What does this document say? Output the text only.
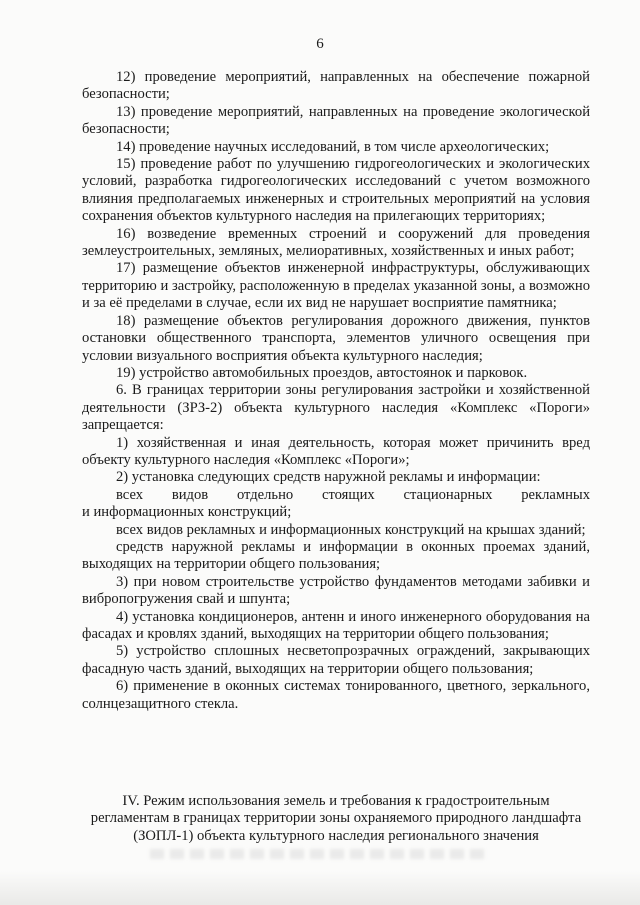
6

12) проведение мероприятий, направленных на обеспечение пожарной безопасности;

13) проведение мероприятий, направленных на проведение экологической безопасности;

14) проведение научных исследований, в том числе археологических;

15) проведение работ по улучшению гидрогеологических и экологических условий, разработка гидрогеологических исследований с учетом возможного влияния предполагаемых инженерных и строительных мероприятий на условия сохранения объектов культурного наследия на прилегающих территориях;

16) возведение временных строений и сооружений для проведения землеустроительных, земляных, мелиоративных, хозяйственных и иных работ;

17) размещение объектов инженерной инфраструктуры, обслуживающих территорию и застройку, расположенную в пределах указанной зоны, а возможно и за её пределами в случае, если их вид не нарушает восприятие памятника;

18) размещение объектов регулирования дорожного движения, пунктов остановки общественного транспорта, элементов уличного освещения при условии визуального восприятия объекта культурного наследия;

19) устройство автомобильных проездов, автостоянок и парковок.

6. В границах территории зоны регулирования застройки и хозяйственной деятельности (ЗРЗ-2) объекта культурного наследия «Комплекс «Пороги» запрещается:

1) хозяйственная и иная деятельность, которая может причинить вред объекту культурного наследия «Комплекс «Пороги»;

2) установка следующих средств наружной рекламы и информации:

всех видов отдельно стоящих стационарных рекламных

и информационных конструкций;

всех видов рекламных и информационных конструкций на крышах зданий;

средств наружной рекламы и информации в оконных проемах зданий, выходящих на территории общего пользования;

3) при новом строительстве устройство фундаментов методами забивки и вибропогружения свай и шпунта;

4) установка кондиционеров, антенн и иного инженерного оборудования на фасадах и кровлях зданий, выходящих на территории общего пользования;

5) устройство сплошных несветопрозрачных ограждений, закрывающих фасадную часть зданий, выходящих на территории общего пользования;

6) применение в оконных системах тонированного, цветного, зеркального, солнцезащитного стекла.

IV. Режим использования земель и требования к градостроительным
регламентам в границах территории зоны охраняемого природного ландшафта
(ЗОПЛ-1) объекта культурного наследия регионального значения
